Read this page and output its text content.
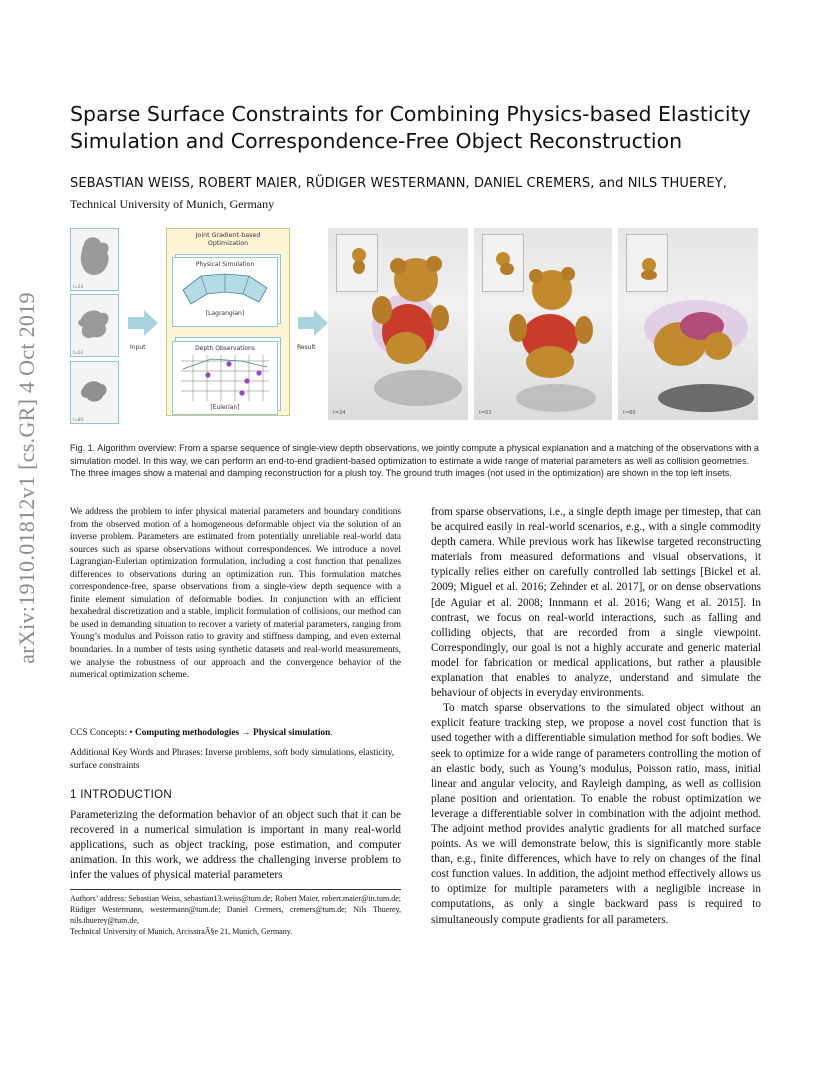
arXiv:1910.01812v1 [cs.GR] 4 Oct 2019
Sparse Surface Constraints for Combining Physics-based Elasticity
Simulation and Correspondence-Free Object Reconstruction
SEBASTIAN WEISS, ROBERT MAIER, RÜDIGER WESTERMANN, DANIEL CREMERS, and NILS THUEREY,
Technical University of Munich, Germany
t=24
t=52
t=80
Input
Joint Gradient-based
Optimization
Physical Simulation
[Lagrangian]
Depth Observations
[Eulerian]
Result
t=24	t=52	t=80
Fig. 1. Algorithm overview: From a sparse sequence of single-view depth observations, we jointly compute a physical explanation and a matching of the observations with a simulation model. In this way, we can perform an end-to-end gradient-based optimization to estimate a wide range of material parameters as well as collision geometries. The three images show a material and damping reconstruction for a plush toy. The ground truth images (not used in the optimization) are shown in the top left insets.
We address the problem to infer physical material parameters and boundary conditions from the observed motion of a homogeneous deformable object via the solution of an inverse problem. Parameters are estimated from potentially unreliable real-world data sources such as sparse observations without correspondences. We introduce a novel Lagrangian-Eulerian optimization formulation, including a cost function that penalizes differences to observations during an optimization run. This formulation matches correspondence-free, sparse observations from a single-view depth sequence with a finite element simulation of deformable bodies. In conjunction with an efficient hexahedral discretization and a stable, implicit formulation of collisions, our method can be used in demanding situation to recover a variety of material parameters, ranging from Young’s modulus and Poisson ratio to gravity and stiffness damping, and even external boundaries. In a number of tests using synthetic datasets and real-world measurements, we analyse the robustness of our approach and the convergence behavior of the numerical optimization scheme.
CCS Concepts: • Computing methodologies → Physical simulation.
Additional Key Words and Phrases: Inverse problems, soft body simulations, elasticity, surface constraints
1 INTRODUCTION
Parameterizing the deformation behavior of an object such that it can be recovered in a numerical simulation is important in many real-world applications, such as object tracking, pose estimation, and computer animation. In this work, we address the challenging inverse problem to infer the values of physical material parameters
Authors’ address: Sebastian Weiss, sebastian13.weiss@tum.de; Robert Maier, robert.maier@in.tum.de; Rüdiger Westermann, westermann@tum.de; Daniel Cremers, cremers@tum.de; Nils Thuerey, nils.thuerey@tum.de,
Technical University of Munich, ArcisstraÃ§e 21, Munich, Germany.

from sparse observations, i.e., a single depth image per timestep, that can be acquired easily in real-world scenarios, e.g., with a single commodity depth camera. While previous work has likewise targeted reconstructing materials from measured deformations and visual observations, it typically relies either on carefully controlled lab settings [Bickel et al. 2009; Miguel et al. 2016; Zehnder et al. 2017], or on dense observations [de Aguiar et al. 2008; Innmann et al. 2016; Wang et al. 2015]. In contrast, we focus on real-world interactions, such as falling and colliding objects, that are recorded from a single viewpoint. Correspondingly, our goal is not a highly accurate and generic material model for fabrication or medical applications, but rather a plausible explanation that enables to analyze, understand and simulate the behaviour of objects in everyday environments.

To match sparse observations to the simulated object without an explicit feature tracking step, we propose a novel cost function that is used together with a differentiable simulation method for soft bodies. We seek to optimize for a wide range of parameters controlling the motion of an elastic body, such as Young’s modulus, Poisson ratio, mass, initial linear and angular velocity, and Rayleigh damping, as well as collision plane position and orientation. To enable the robust optimization we leverage a differentiable solver in combination with the adjoint method. The adjoint method provides analytic gradients for all matched surface points. As we will demonstrate below, this is significantly more stable than, e.g., finite differences, which have to rely on changes of the final cost function values. In addition, the adjoint method effectively allows us to optimize for multiple parameters with a negligible increase in computations, as only a single backward pass is required to simultaneously compute gradients for all parameters.
